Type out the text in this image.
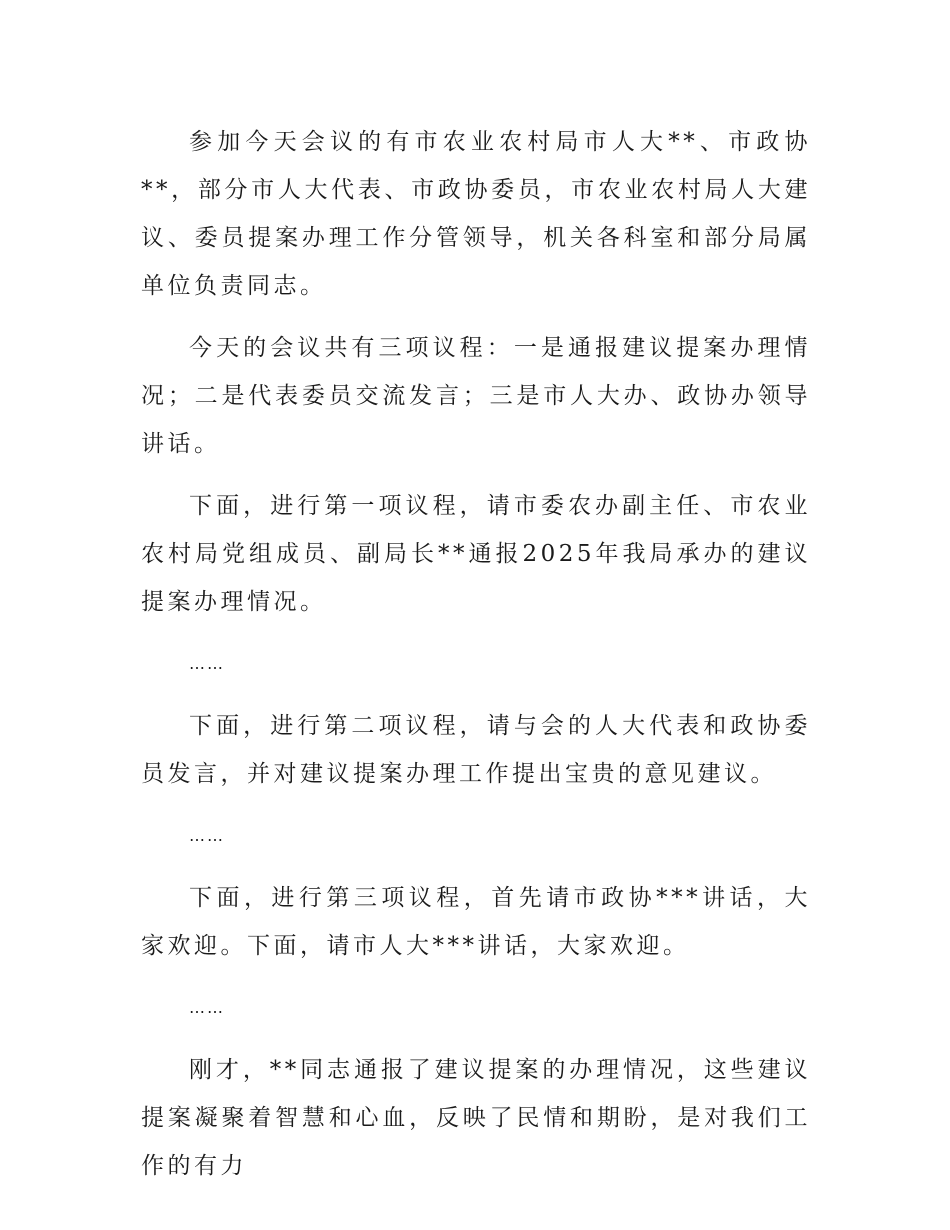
参加今天会议的有市农业农村局市人大**、市政协**，部分市人大代表、市政协委员，市农业农村局人大建议、委员提案办理工作分管领导，机关各科室和部分局属单位负责同志。

今天的会议共有三项议程：一是通报建议提案办理情况；二是代表委员交流发言；三是市人大办、政协办领导讲话。

下面，进行第一项议程，请市委农办副主任、市农业农村局党组成员、副局长**通报2025年我局承办的建议提案办理情况。

……

下面，进行第二项议程，请与会的人大代表和政协委员发言，并对建议提案办理工作提出宝贵的意见建议。

……

下面，进行第三项议程，首先请市政协***讲话，大家欢迎。下面，请市人大***讲话，大家欢迎。

……

刚才，**同志通报了建议提案的办理情况，这些建议提案凝聚着智慧和心血，反映了民情和期盼，是对我们工作的有力
